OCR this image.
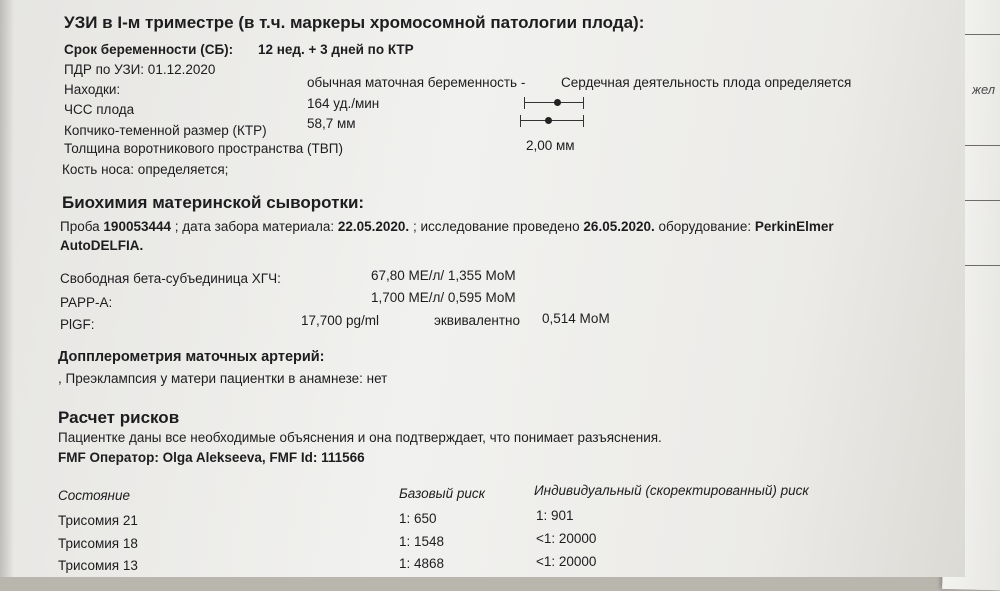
жел
УЗИ в I-м триместре (в т.ч. маркеры хромосомной патологии плода):
Срок беременности (СБ): 12 нед. + 3 дней по КТР
ПДР по УЗИ: 01.12.2020
Находки:	обычная маточная беременность -	Сердечная деятельность плода определяется
ЧСС плода	164 уд./мин
Копчико-теменной размер (КТР)	58,7 мм
Толщина воротникового пространства (ТВП)	2,00 мм
Кость носа: определяется;
Биохимия материнской сыворотки:
Проба 190053444 ; дата забора материала: 22.05.2020. ; исследование проведено 26.05.2020. оборудование: PerkinElmer
AutoDELFIA.
Свободная бета-субъединица ХГЧ:	67,80 МЕ/л/ 1,355 МоМ
PAPP-A:	1,700 МЕ/л/ 0,595 МоМ
PlGF:	17,700 pg/ml	эквивалентно 0,514 МоМ
Допплерометрия маточных артерий:
, Преэклампсия у матери пациентки в анамнезе: нет
Расчет рисков
Пациентке даны все необходимые объяснения и она подтверждает, что понимает разъяснения.
FMF Оператор: Olga Alekseeva, FMF Id: 111566
Состояние	Базовый риск	Индивидуальный (скоректированный) риск
Трисомия 21	1: 650	1: 901
Трисомия 18	1: 1548	<1: 20000
Трисомия 13	1: 4868	<1: 20000
